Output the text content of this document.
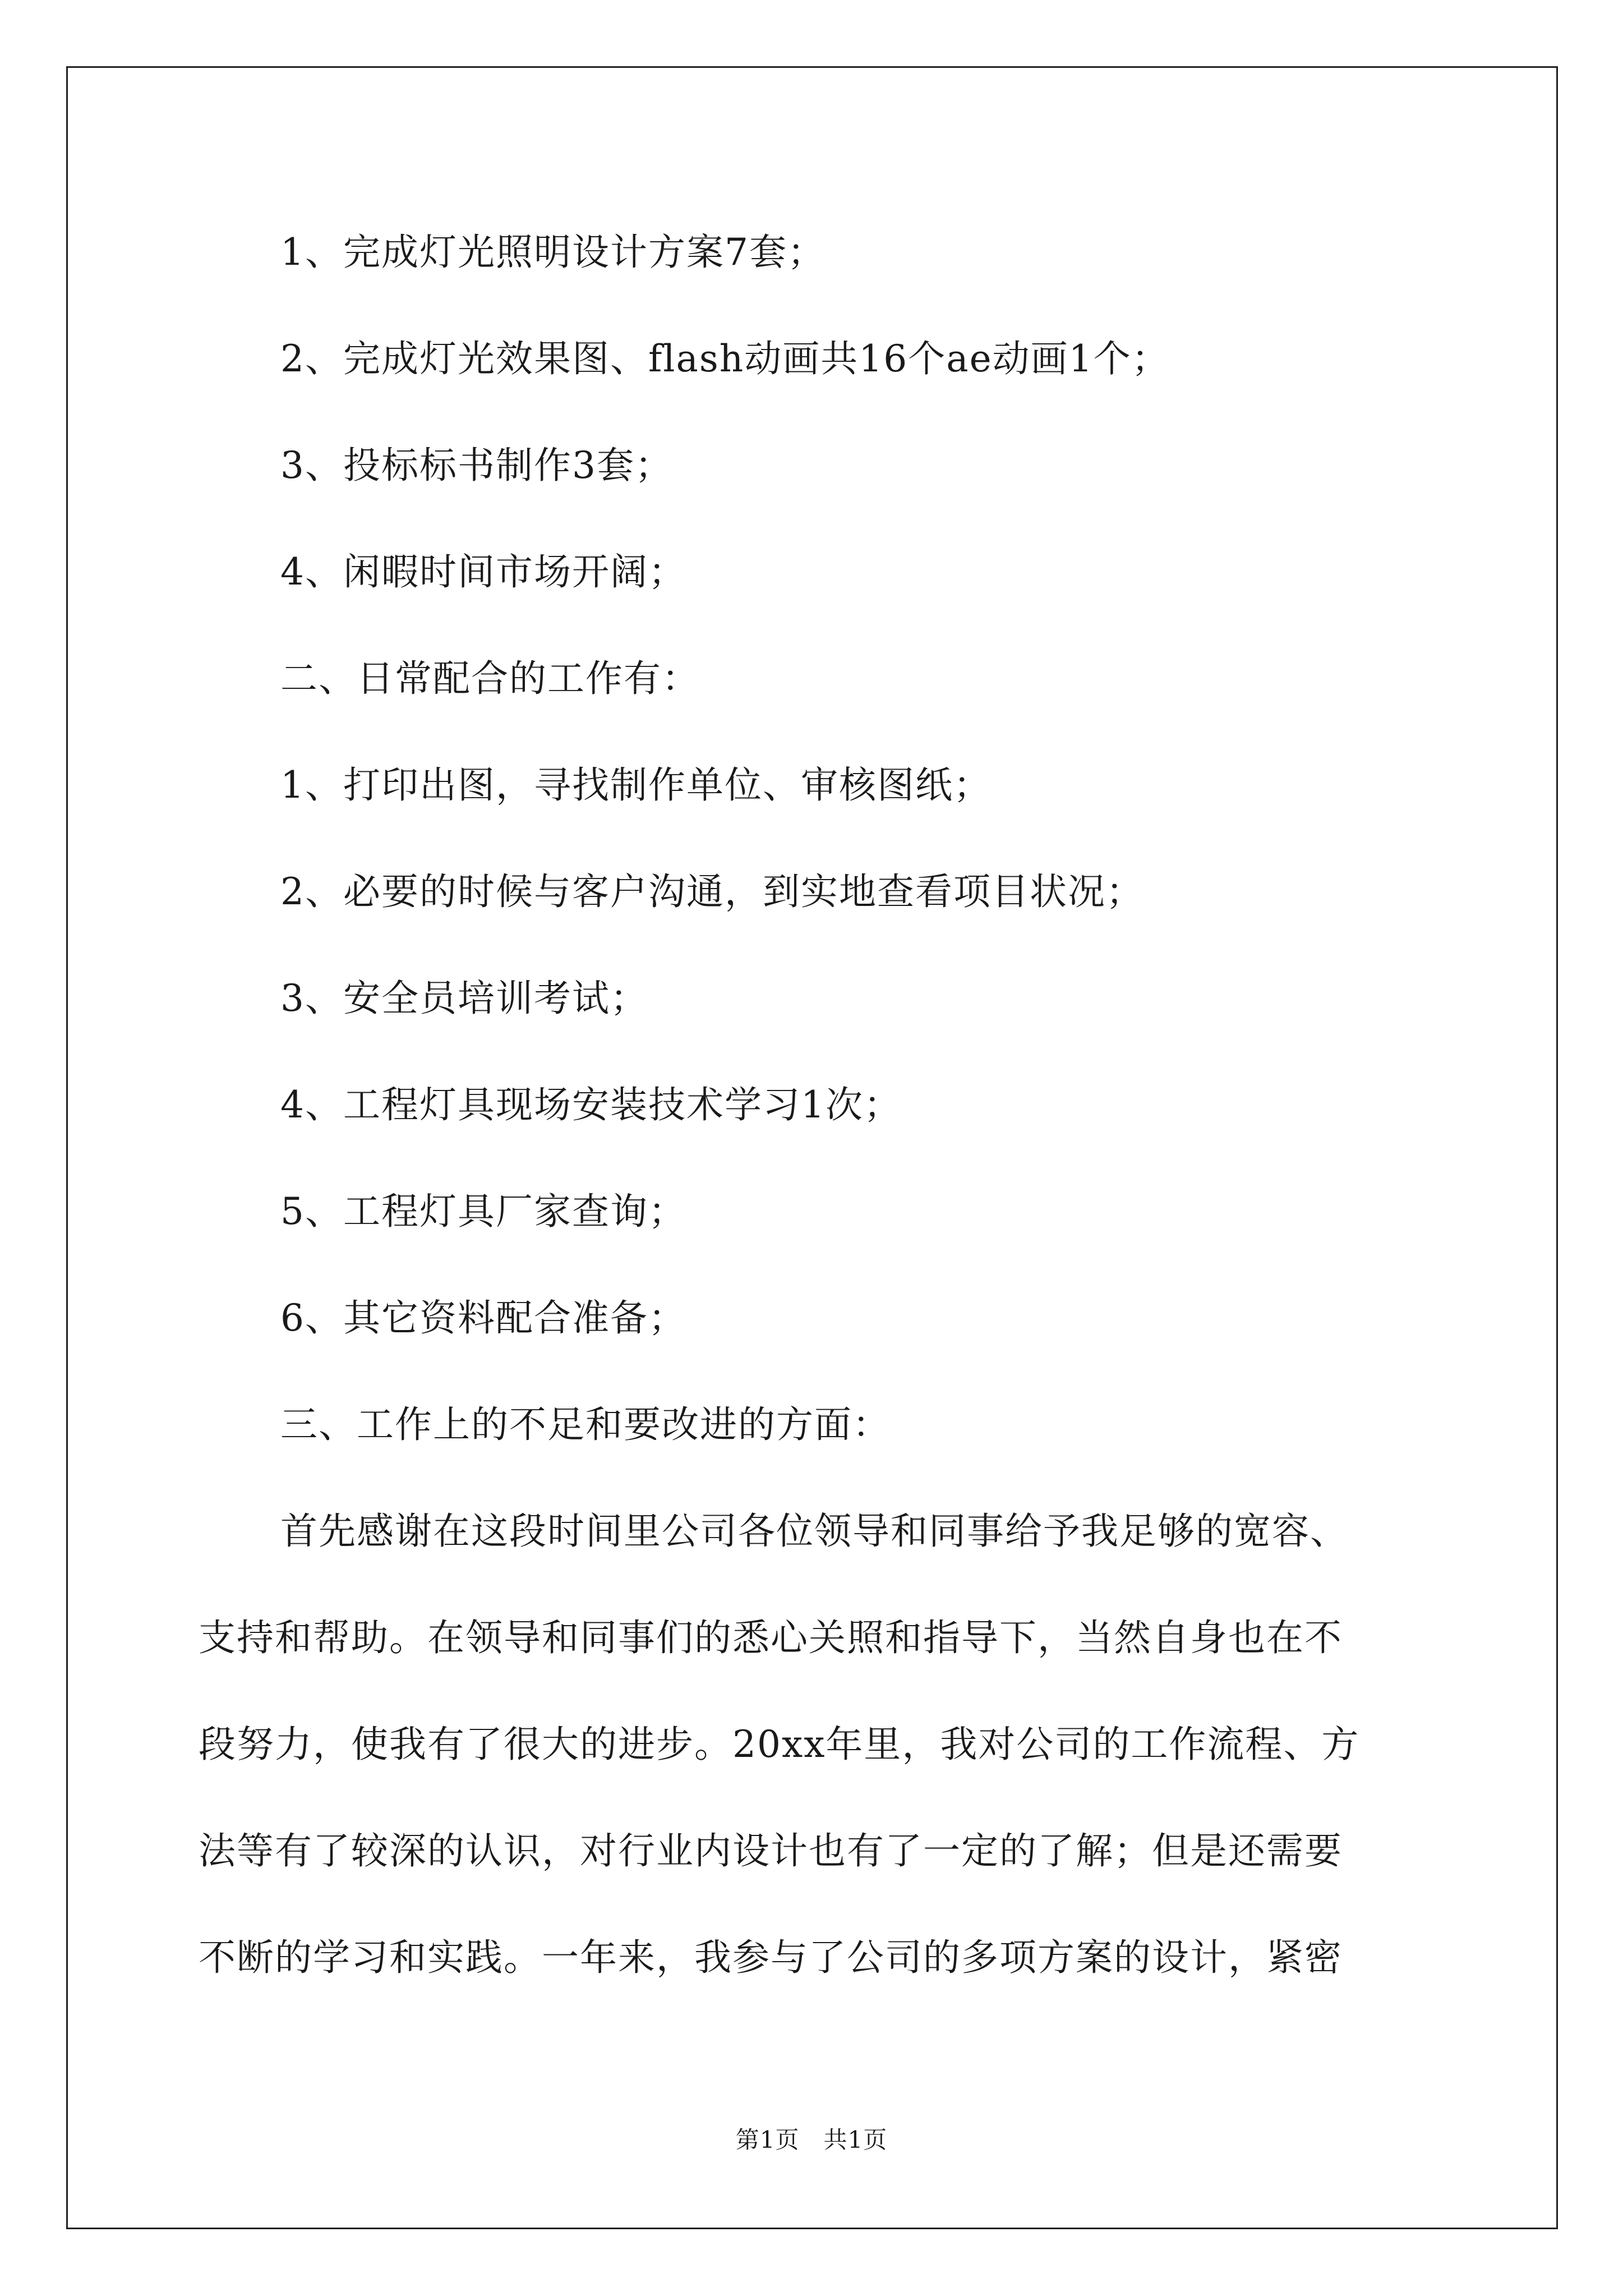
1、完成灯光照明设计方案7套；
2、完成灯光效果图、flash动画共16个ae动画1个；
3、投标标书制作3套；
4、闲暇时间市场开阔；
二、日常配合的工作有：
1、打印出图，寻找制作单位、审核图纸；
2、必要的时候与客户沟通，到实地查看项目状况；
3、安全员培训考试；
4、工程灯具现场安装技术学习1次；
5、工程灯具厂家查询；
6、其它资料配合准备；
三、工作上的不足和要改进的方面：
首先感谢在这段时间里公司各位领导和同事给予我足够的宽容、
支持和帮助。在领导和同事们的悉心关照和指导下，当然自身也在不
段努力，使我有了很大的进步。20xx年里，我对公司的工作流程、方
法等有了较深的认识，对行业内设计也有了一定的了解；但是还需要
不断的学习和实践。一年来，我参与了公司的多项方案的设计，紧密
第1页　共1页
